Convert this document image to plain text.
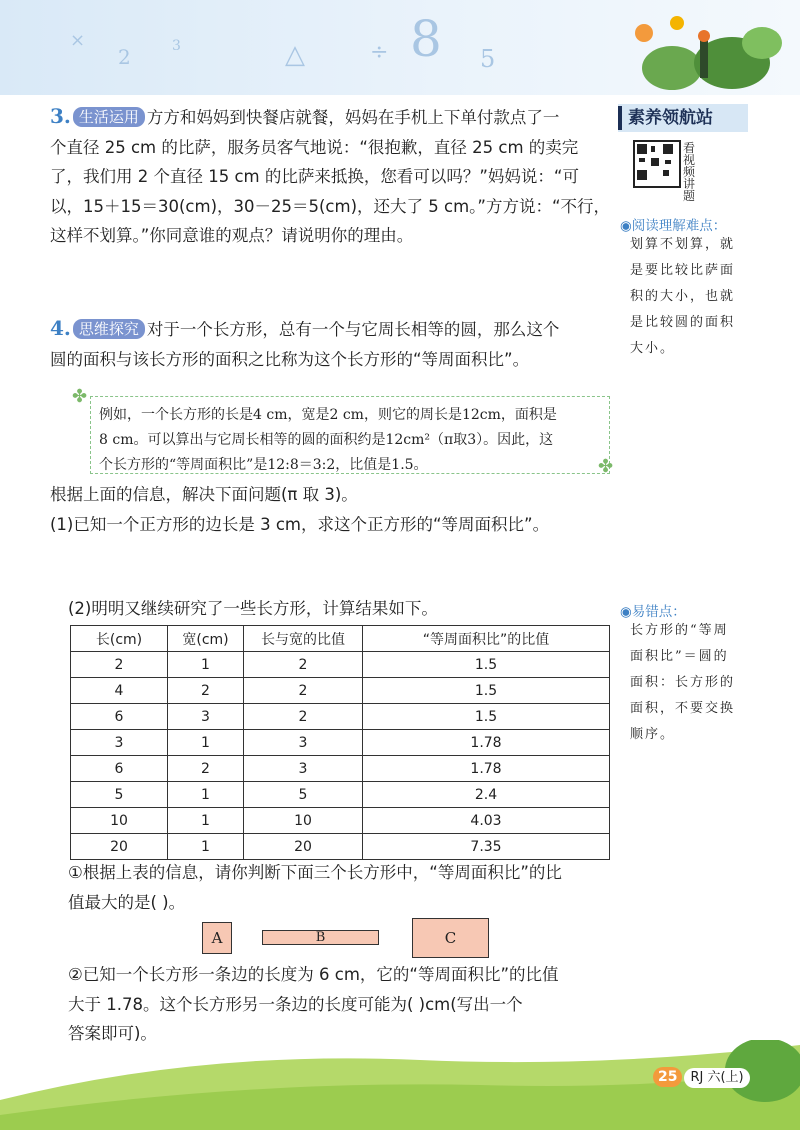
×
2	3	△	÷ 8 5
3. 生活运用 方方和妈妈到快餐店就餐，妈妈在手机上下单付款点了一
个直径 25 cm 的比萨，服务员客气地说：“很抱歉，直径 25 cm 的卖完
了，我们用 2 个直径 15 cm 的比萨来抵换，您看可以吗？”妈妈说：“可
以，15＋15＝30(cm)，30－25＝5(cm)，还大了 5 cm。”方方说：“不行，
这样不划算。”你同意谁的观点？请说明你的理由。
素养领航站
看视频讲题
◉阅读理解难点：
划算不划算，就
是要比较比萨面
积的大小，也就
是比较圆的面积
大小。
◉易错点：
长方形的“等周
面积比”＝圆的
面积：长方形的
面积，不要交换
顺序。
4. 思维探究 对于一个长方形，总有一个与它周长相等的圆，那么这个
圆的面积与该长方形的面积之比称为这个长方形的“等周面积比”。
✤
例如，一个长方形的长是4 cm，宽是2 cm，则它的周长是12cm，面积是
8 cm。可以算出与它周长相等的圆的面积约是12cm²（π取3）。因此，这
个长方形的“等周面积比”是12:8＝3:2，比值是1.5。	✤
根据上面的信息，解决下面问题(π 取 3)。
(1)已知一个正方形的边长是 3 cm，求这个正方形的“等周面积比”。
(2)明明又继续研究了一些长方形，计算结果如下。
长(cm)	宽(cm)	长与宽的比值	“等周面积比”的比值
2	1	2	1.5
4	2	2	1.5
6	3	2	1.5
3	1	3	1.78
6	2	3	1.78
5	1	5	2.4
10	1	10	4.03
20	1	20	7.35
①根据上表的信息，请你判断下面三个长方形中，“等周面积比”的比
值最大的是( )。
A	B	C
②已知一个长方形一条边的长度为 6 cm，它的“等周面积比”的比值
大于 1.78。这个长方形另一条边的长度可能为( )cm(写出一个
答案即可)。
25 RJ 六(上)
